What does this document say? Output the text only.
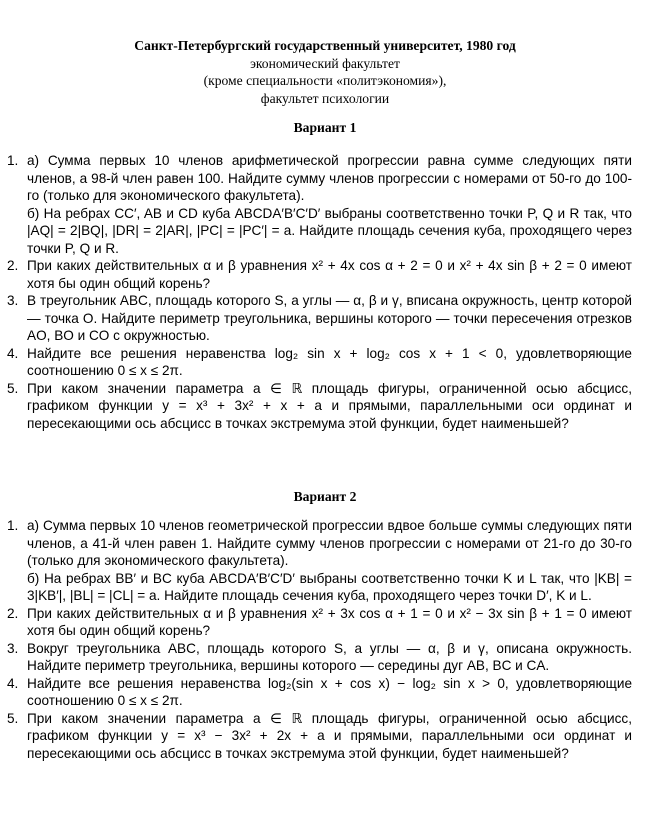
Санкт-Петербургский государственный университет, 1980 год
экономический факультет
(кроме специальности «политэкономия»),
факультет психологии
Вариант 1
1. а) Сумма первых 10 членов арифметической прогрессии равна сумме следующих пяти членов, а 98-й член равен 100. Найдите сумму членов прогрессии с номерами от 50-го до 100-го (только для экономического факультета).
б) На ребрах CC′, AB и CD куба ABCDA′B′C′D′ выбраны соответственно точки P, Q и R так, что |AQ| = 2|BQ|, |DR| = 2|AR|, |PC| = |PC′| = a. Найдите площадь сечения куба, проходящего через точки P, Q и R.
2. При каких действительных α и β уравнения x² + 4x cos α + 2 = 0 и x² + 4x sin β + 2 = 0 имеют хотя бы один общий корень?
3. В треугольник ABC, площадь которого S, а углы — α, β и γ, вписана окружность, центр которой — точка O. Найдите периметр треугольника, вершины которого — точки пересечения отрезков AO, BO и CO с окружностью.
4. Найдите все решения неравенства log₂ sin x + log₂ cos x + 1 < 0, удовлетворяющие соотношению 0 ≤ x ≤ 2π.
5. При каком значении параметра a ∈ ℝ площадь фигуры, ограниченной осью абсцисс, графиком функции y = x³ + 3x² + x + a и прямыми, параллельными оси ординат и пересекающими ось абсцисс в точках экстремума этой функции, будет наименьшей?
Вариант 2
1. а) Сумма первых 10 членов геометрической прогрессии вдвое больше суммы следующих пяти членов, а 41-й член равен 1. Найдите сумму членов прогрессии с номерами от 21-го до 30-го (только для экономического факультета).
б) На ребрах BB′ и BC куба ABCDA′B′C′D′ выбраны соответственно точки K и L так, что |KB| = 3|KB′|, |BL| = |CL| = a. Найдите площадь сечения куба, проходящего через точки D′, K и L.
2. При каких действительных α и β уравнения x² + 3x cos α + 1 = 0 и x² − 3x sin β + 1 = 0 имеют хотя бы один общий корень?
3. Вокруг треугольника ABC, площадь которого S, а углы — α, β и γ, описана окружность. Найдите периметр треугольника, вершины которого — середины дуг AB, BC и CA.
4. Найдите все решения неравенства log₂(sin x + cos x) − log₂ sin x > 0, удовлетворяющие соотношению 0 ≤ x ≤ 2π.
5. При каком значении параметра a ∈ ℝ площадь фигуры, ограниченной осью абсцисс, графиком функции y = x³ − 3x² + 2x + a и прямыми, параллельными оси ординат и пересекающими ось абсцисс в точках экстремума этой функции, будет наименьшей?
